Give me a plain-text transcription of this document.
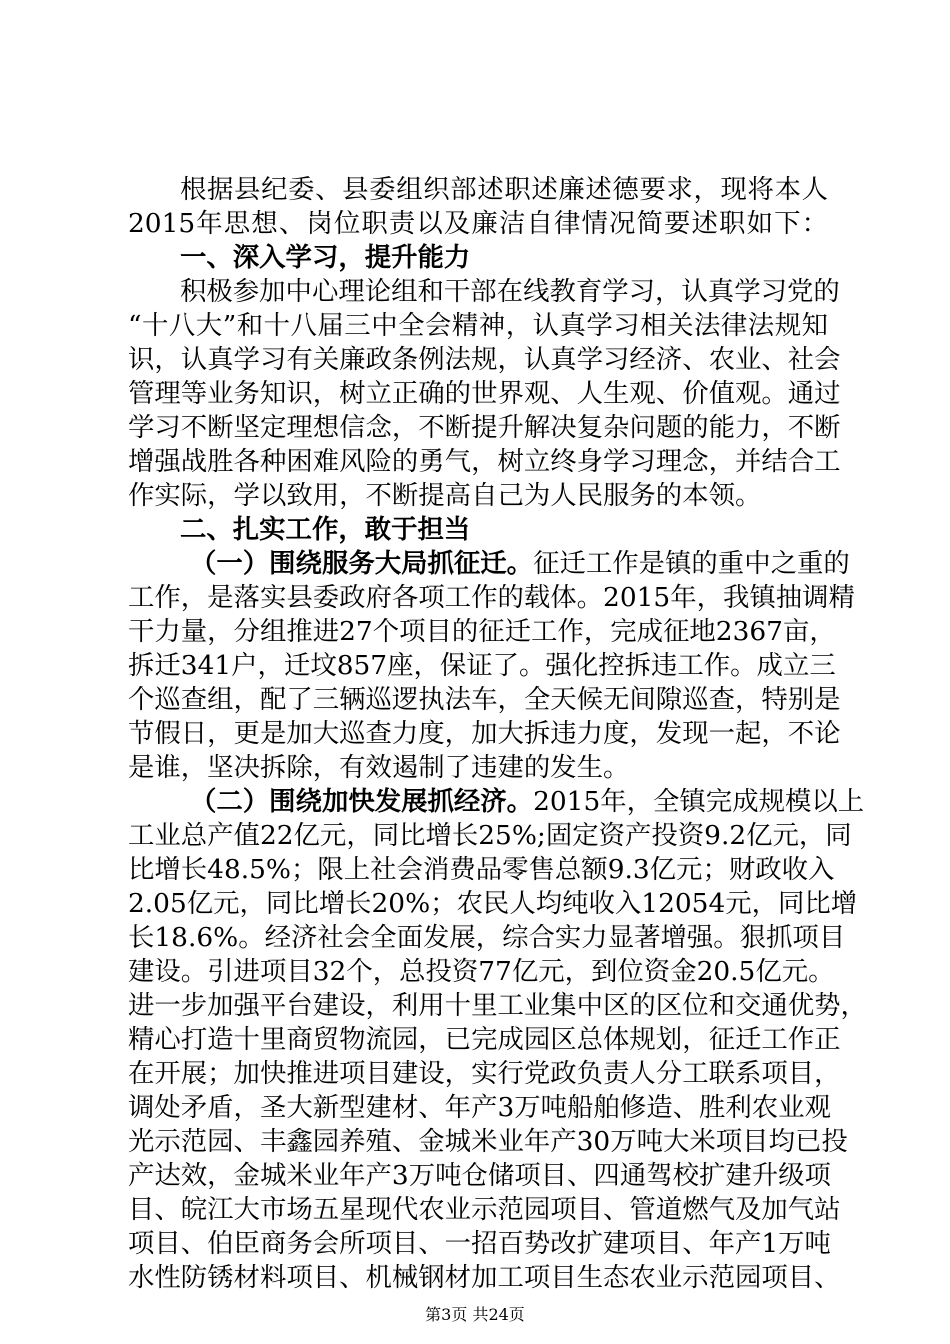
根据县纪委、县委组织部述职述廉述德要求，现将本人
2015年思想、岗位职责以及廉洁自律情况简要述职如下：
一、深入学习，提升能力
积极参加中心理论组和干部在线教育学习，认真学习党的
“十八大”和十八届三中全会精神，认真学习相关法律法规知
识，认真学习有关廉政条例法规，认真学习经济、农业、社会
管理等业务知识，树立正确的世界观、人生观、价值观。通过
学习不断坚定理想信念，不断提升解决复杂问题的能力，不断
增强战胜各种困难风险的勇气，树立终身学习理念，并结合工
作实际，学以致用，不断提高自己为人民服务的本领。
二、扎实工作，敢于担当
（一）围绕服务大局抓征迁。征迁工作是镇的重中之重的
工作，是落实县委政府各项工作的载体。2015年，我镇抽调精
干力量，分组推进27个项目的征迁工作，完成征地2367亩，
拆迁341户，迁坟857座，保证了。强化控拆违工作。成立三
个巡查组，配了三辆巡逻执法车，全天候无间隙巡查，特别是
节假日，更是加大巡查力度，加大拆违力度，发现一起，不论
是谁，坚决拆除，有效遏制了违建的发生。
（二）围绕加快发展抓经济。2015年，全镇完成规模以上
工业总产值22亿元，同比增长25%;固定资产投资9.2亿元，同
比增长48.5%；限上社会消费品零售总额9.3亿元；财政收入
2.05亿元，同比增长20%；农民人均纯收入12054元，同比增
长18.6%。经济社会全面发展，综合实力显著增强。狠抓项目
建设。引进项目32个，总投资77亿元，到位资金20.5亿元。
进一步加强平台建设，利用十里工业集中区的区位和交通优势，
精心打造十里商贸物流园，已完成园区总体规划，征迁工作正
在开展；加快推进项目建设，实行党政负责人分工联系项目，
调处矛盾，圣大新型建材、年产3万吨船舶修造、胜利农业观
光示范园、丰鑫园养殖、金城米业年产30万吨大米项目均已投
产达效，金城米业年产3万吨仓储项目、四通驾校扩建升级项
目、皖江大市场五星现代农业示范园项目、管道燃气及加气站
项目、伯臣商务会所项目、一招百势改扩建项目、年产1万吨
水性防锈材料项目、机械钢材加工项目生态农业示范园项目、
第3页 共24页
